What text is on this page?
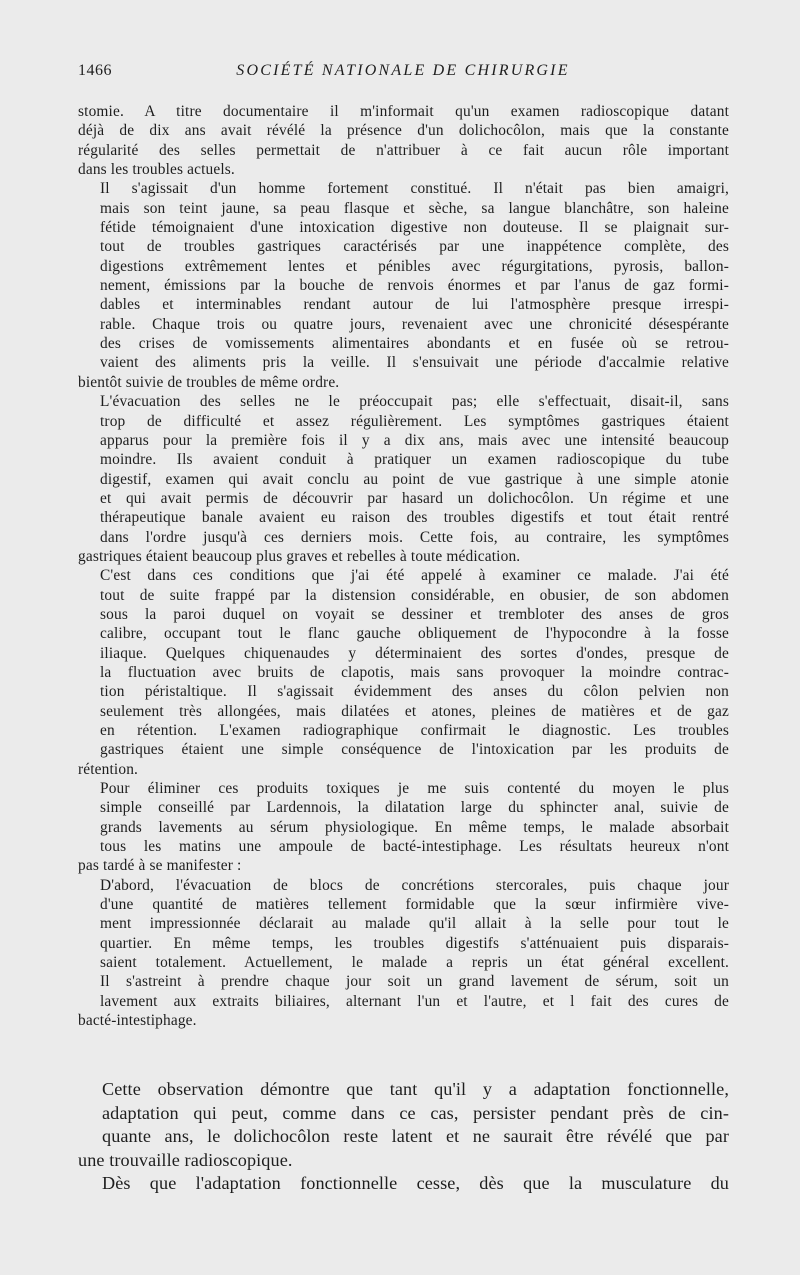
1466	SOCIÉTÉ NATIONALE DE CHIRURGIE

stomie. A titre documentaire il m'informait qu'un examen radioscopique datant
déjà de dix ans avait révélé la présence d'un dolichocôlon, mais que la constante
régularité des selles permettait de n'attribuer à ce fait aucun rôle important
dans les troubles actuels.

Il s'agissait d'un homme fortement constitué. Il n'était pas bien amaigri,
mais son teint jaune, sa peau flasque et sèche, sa langue blanchâtre, son haleine
fétide témoignaient d'une intoxication digestive non douteuse. Il se plaignait sur-
tout de troubles gastriques caractérisés par une inappétence complète, des
digestions extrêmement lentes et pénibles avec régurgitations, pyrosis, ballon-
nement, émissions par la bouche de renvois énormes et par l'anus de gaz formi-
dables et interminables rendant autour de lui l'atmosphère presque irrespi-
rable. Chaque trois ou quatre jours, revenaient avec une chronicité désespérante
des crises de vomissements alimentaires abondants et en fusée où se retrou-
vaient des aliments pris la veille. Il s'ensuivait une période d'accalmie relative
bientôt suivie de troubles de même ordre.

L'évacuation des selles ne le préoccupait pas; elle s'effectuait, disait-il, sans
trop de difficulté et assez régulièrement. Les symptômes gastriques étaient
apparus pour la première fois il y a dix ans, mais avec une intensité beaucoup
moindre. Ils avaient conduit à pratiquer un examen radioscopique du tube
digestif, examen qui avait conclu au point de vue gastrique à une simple atonie
et qui avait permis de découvrir par hasard un dolichocôlon. Un régime et une
thérapeutique banale avaient eu raison des troubles digestifs et tout était rentré
dans l'ordre jusqu'à ces derniers mois. Cette fois, au contraire, les symptômes
gastriques étaient beaucoup plus graves et rebelles à toute médication.

C'est dans ces conditions que j'ai été appelé à examiner ce malade. J'ai été
tout de suite frappé par la distension considérable, en obusier, de son abdomen
sous la paroi duquel on voyait se dessiner et trembloter des anses de gros
calibre, occupant tout le flanc gauche obliquement de l'hypocondre à la fosse
iliaque. Quelques chiquenaudes y déterminaient des sortes d'ondes, presque de
la fluctuation avec bruits de clapotis, mais sans provoquer la moindre contrac-
tion péristaltique. Il s'agissait évidemment des anses du côlon pelvien non
seulement très allongées, mais dilatées et atones, pleines de matières et de gaz
en rétention. L'examen radiographique confirmait le diagnostic. Les troubles
gastriques étaient une simple conséquence de l'intoxication par les produits de
rétention.

Pour éliminer ces produits toxiques je me suis contenté du moyen le plus
simple conseillé par Lardennois, la dilatation large du sphincter anal, suivie de
grands lavements au sérum physiologique. En même temps, le malade absorbait
tous les matins une ampoule de bacté-intestiphage. Les résultats heureux n'ont
pas tardé à se manifester :

D'abord, l'évacuation de blocs de concrétions stercorales, puis chaque jour
d'une quantité de matières tellement formidable que la sœur infirmière vive-
ment impressionnée déclarait au malade qu'il allait à la selle pour tout le
quartier. En même temps, les troubles digestifs s'atténuaient puis disparais-
saient totalement. Actuellement, le malade a repris un état général excellent.
Il s'astreint à prendre chaque jour soit un grand lavement de sérum, soit un
lavement aux extraits biliaires, alternant l'un et l'autre, et l fait des cures de
bacté-intestiphage.

Cette observation démontre que tant qu'il y a adaptation fonctionnelle,
adaptation qui peut, comme dans ce cas, persister pendant près de cin-
quante ans, le dolichocôlon reste latent et ne saurait être révélé que par
une trouvaille radioscopique.

Dès que l'adaptation fonctionnelle cesse, dès que la musculature du
